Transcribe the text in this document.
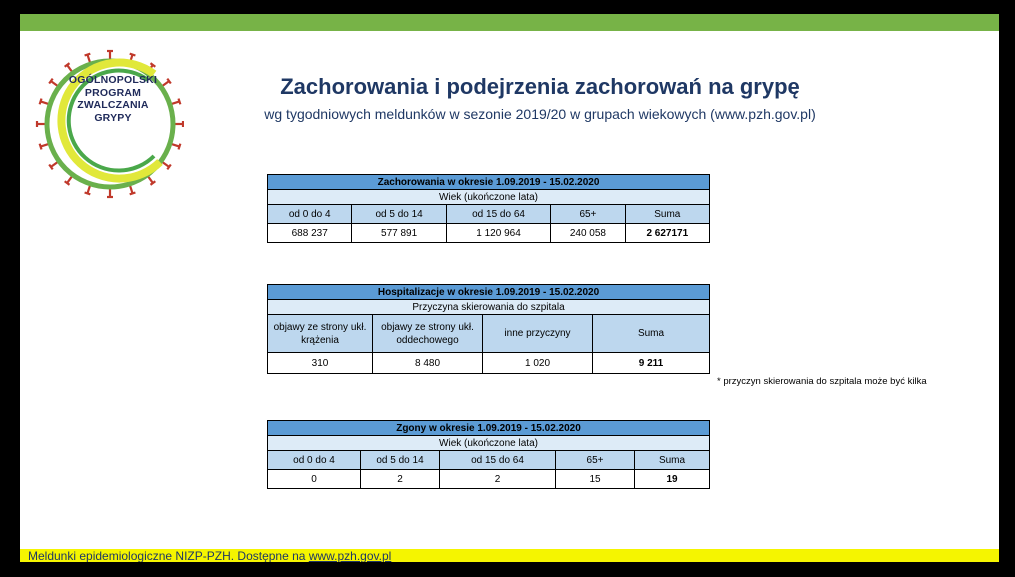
OGÓLNOPOLSKI
PROGRAM
ZWALCZANIA
GRYPY
Zachorowania i podejrzenia zachorowań na grypę

wg tygodniowych meldunków w sezonie 2019/20 w grupach wiekowych (www.pzh.gov.pl)

Zachorowania w okresie 1.09.2019 - 15.02.2020				
Wiek (ukończone lata)				
od 0 do 4	od 5 do 14	od 15 do 64	65+	Suma
688 237	577 891	1 120 964	240 058	2 627171
Hospitalizacje w okresie 1.09.2019 - 15.02.2020			
Przyczyna skierowania do szpitala			
objawy ze strony ukł. krążenia	objawy ze strony ukł. oddechowego	inne przyczyny	Suma
310	8 480	1 020	9 211

* przyczyn skierowania do szpitala może być kilka

Zgony w okresie 1.09.2019 - 15.02.2020				
Wiek (ukończone lata)				
od 0 do 4	od 5 do 14	od 15 do 64	65+	Suma
0	2	2	15	19
Meldunki epidemiologiczne NIZP-PZH. Dostępne na www.pzh.gov.pl
